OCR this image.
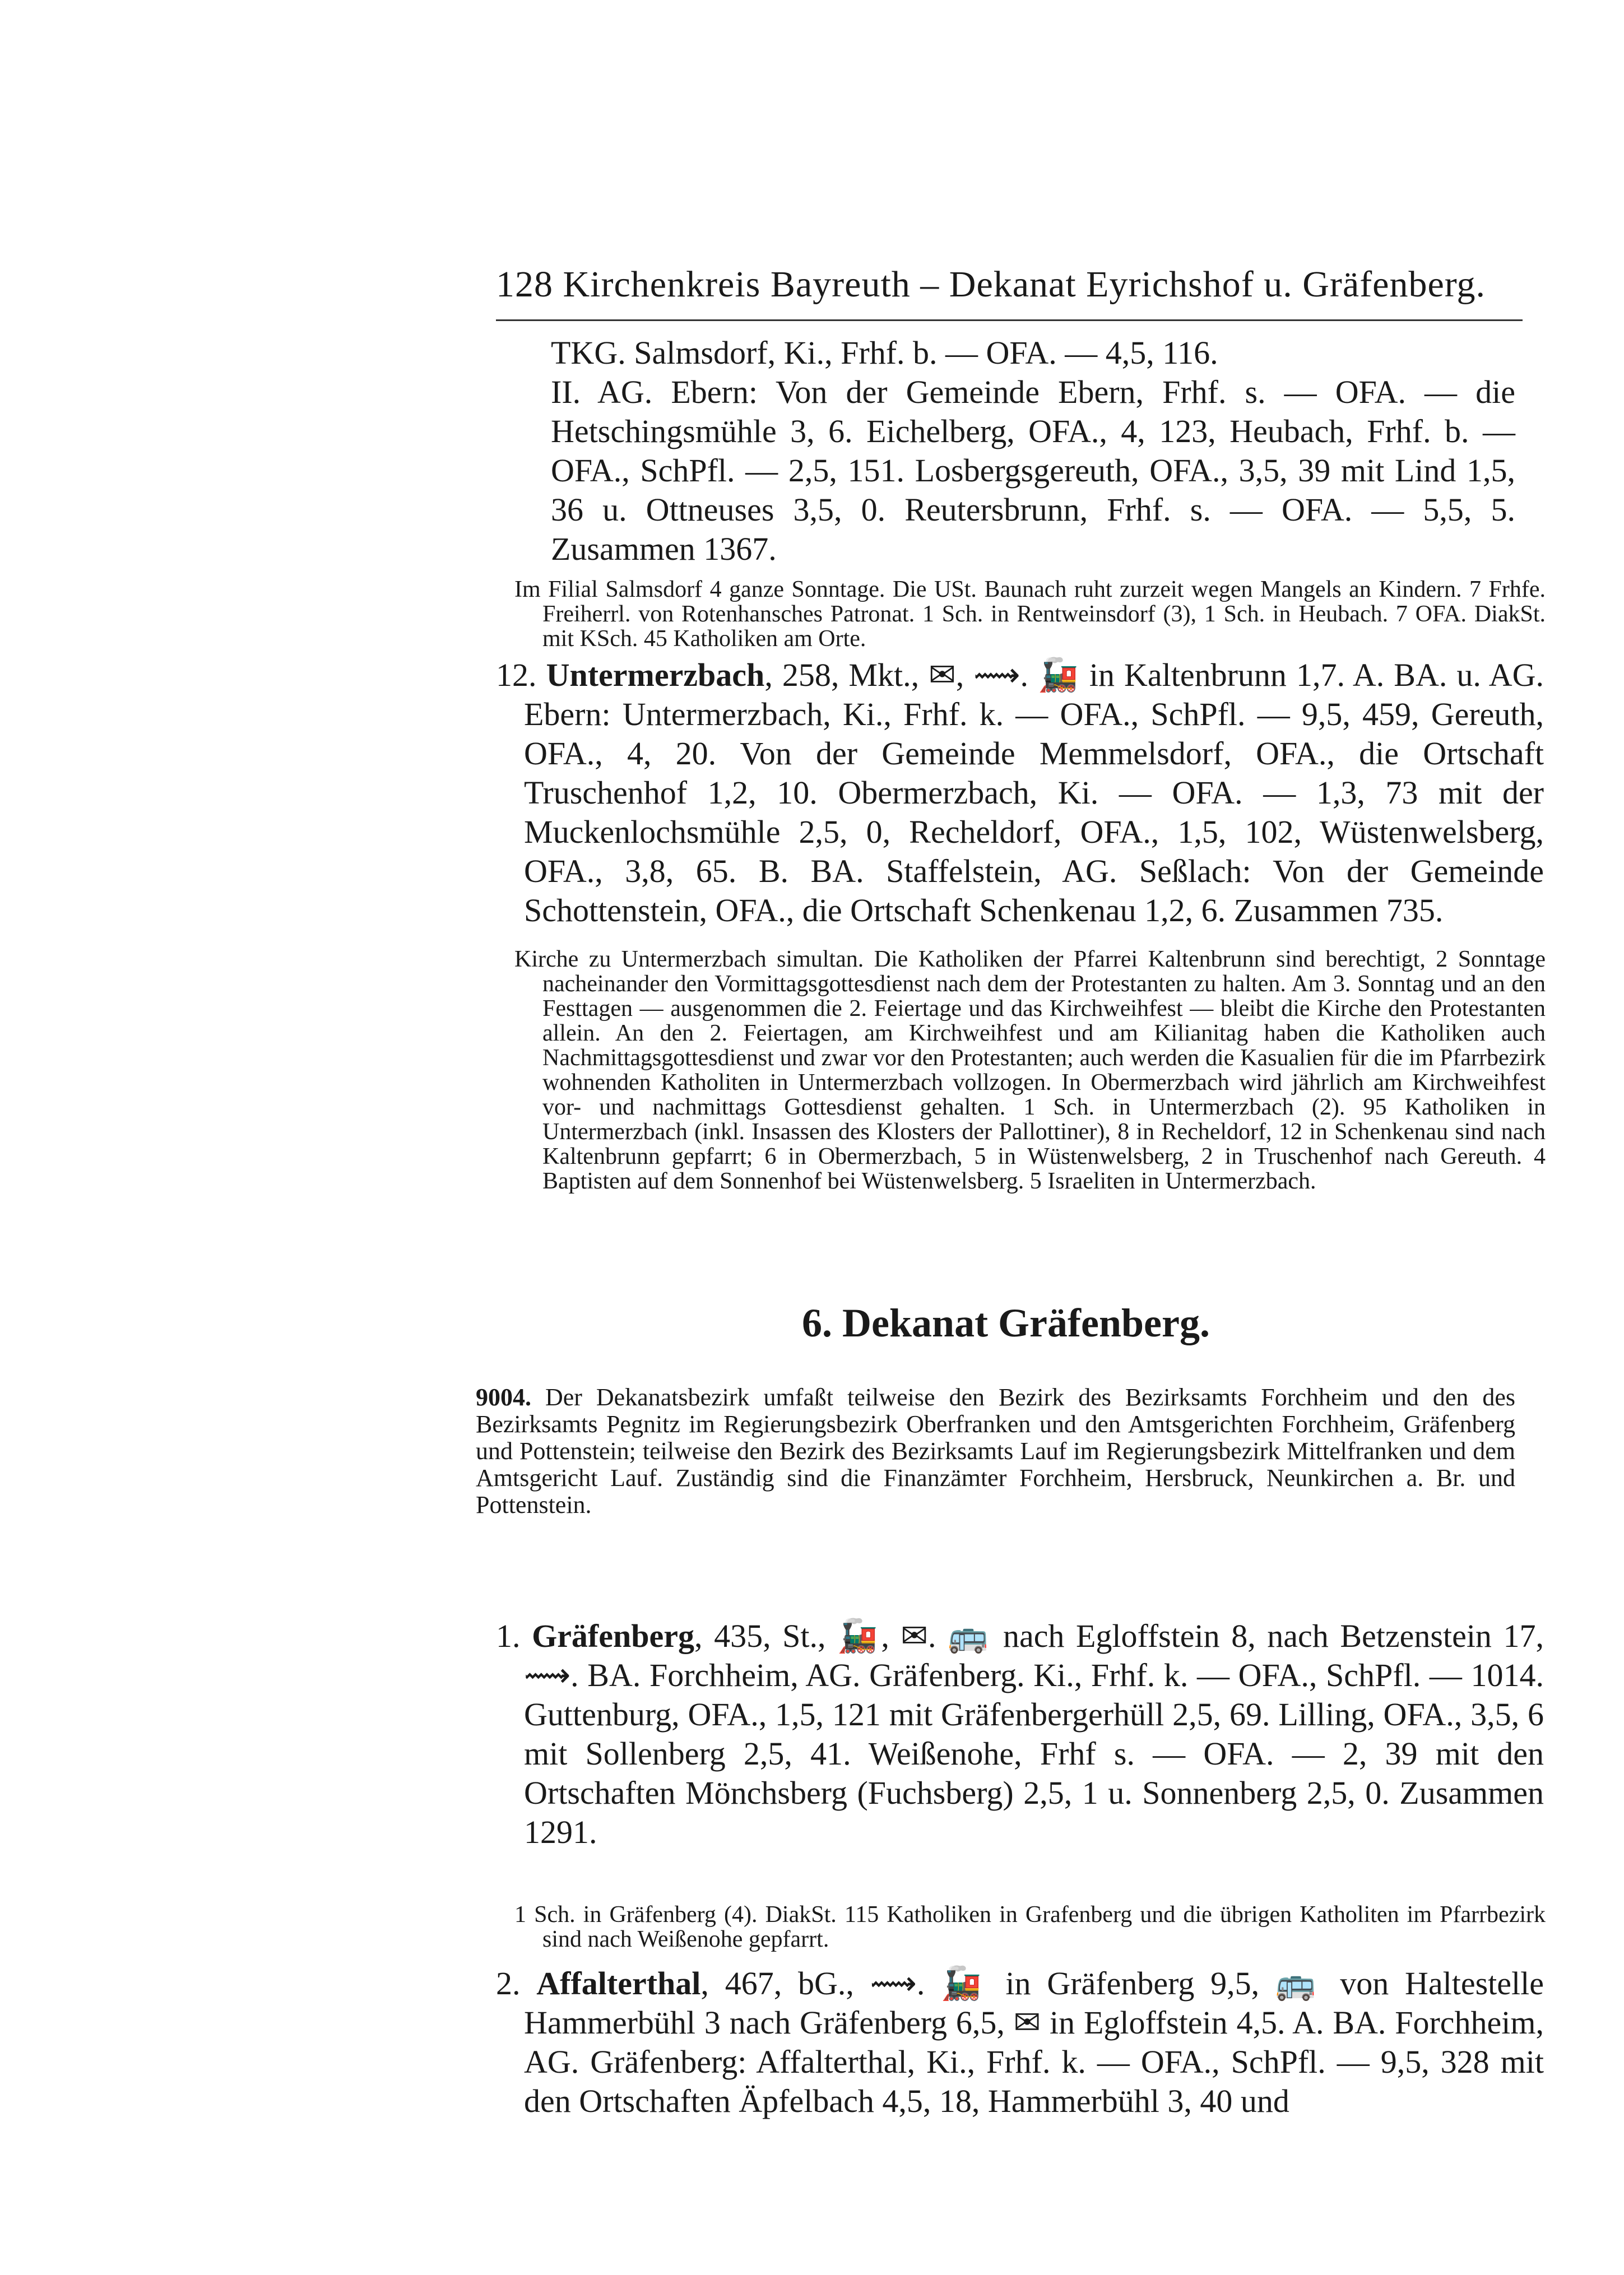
128 Kirchenkreis Bayreuth – Dekanat Eyrichshof u. Gräfenberg.

TKG. Salmsdorf, Ki., Frhf. b. — OFA. — 4,5, 116.

II. AG. Ebern: Von der Gemeinde Ebern, Frhf. s. — OFA. — die Hetschingsmühle 3, 6. Eichelberg, OFA., 4, 123, Heubach, Frhf. b. — OFA., SchPfl. — 2,5, 151. Losbergsgereuth, OFA., 3,5, 39 mit Lind 1,5, 36 u. Ottneuses 3,5, 0. Reutersbrunn, Frhf. s. — OFA. — 5,5, 5. Zusammen 1367.

Im Filial Salmsdorf 4 ganze Sonntage. Die USt. Baunach ruht zurzeit wegen Mangels an Kindern. 7 Frhfe. Freiherrl. von Rotenhansches Patronat. 1 Sch. in Rentweinsdorf (3), 1 Sch. in Heubach. 7 OFA. DiakSt. mit KSch. 45 Katholiken am Orte.

12. Untermerzbach, 258, Mkt., ✉, ⟿. 🚂 in Kaltenbrunn 1,7. A. BA. u. AG. Ebern: Untermerzbach, Ki., Frhf. k. — OFA., SchPfl. — 9,5, 459, Gereuth, OFA., 4, 20. Von der Gemeinde Memmelsdorf, OFA., die Ortschaft Truschenhof 1,2, 10. Obermerzbach, Ki. — OFA. — 1,3, 73 mit der Muckenlochsmühle 2,5, 0, Recheldorf, OFA., 1,5, 102, Wüstenwelsberg, OFA., 3,8, 65. B. BA. Staffelstein, AG. Seßlach: Von der Gemeinde Schottenstein, OFA., die Ortschaft Schenkenau 1,2, 6. Zusammen 735.

Kirche zu Untermerzbach simultan. Die Katholiken der Pfarrei Kaltenbrunn sind berechtigt, 2 Sonntage nacheinander den Vormittagsgottesdienst nach dem der Protestanten zu halten. Am 3. Sonntag und an den Festtagen — ausgenommen die 2. Feiertage und das Kirchweihfest — bleibt die Kirche den Protestanten allein. An den 2. Feiertagen, am Kirchweihfest und am Kilianitag haben die Katholiken auch Nachmittagsgottesdienst und zwar vor den Protestanten; auch werden die Kasualien für die im Pfarrbezirk wohnenden Katholiten in Untermerzbach vollzogen. In Obermerzbach wird jährlich am Kirchweihfest vor- und nachmittags Gottesdienst gehalten. 1 Sch. in Untermerzbach (2). 95 Katholiken in Untermerzbach (inkl. Insassen des Klosters der Pallottiner), 8 in Recheldorf, 12 in Schenkenau sind nach Kaltenbrunn gepfarrt; 6 in Obermerzbach, 5 in Wüstenwelsberg, 2 in Truschenhof nach Gereuth. 4 Baptisten auf dem Sonnenhof bei Wüstenwelsberg. 5 Israeliten in Untermerzbach.

6. Dekanat Gräfenberg.

9004. Der Dekanatsbezirk umfaßt teilweise den Bezirk des Bezirksamts Forchheim und den des Bezirksamts Pegnitz im Regierungsbezirk Oberfranken und den Amtsgerichten Forchheim, Gräfenberg und Pottenstein; teilweise den Bezirk des Bezirksamts Lauf im Regierungsbezirk Mittelfranken und dem Amtsgericht Lauf. Zuständig sind die Finanzämter Forchheim, Hersbruck, Neunkirchen a. Br. und Pottenstein.

1. Gräfenberg, 435, St., 🚂, ✉. 🚌 nach Egloffstein 8, nach Betzenstein 17, ⟿. BA. Forchheim, AG. Gräfenberg. Ki., Frhf. k. — OFA., SchPfl. — 1014. Guttenburg, OFA., 1,5, 121 mit Gräfenbergerhüll 2,5, 69. Lilling, OFA., 3,5, 6 mit Sollenberg 2,5, 41. Weißenohe, Frhf s. — OFA. — 2, 39 mit den Ortschaften Mönchsberg (Fuchsberg) 2,5, 1 u. Sonnenberg 2,5, 0. Zusammen 1291.

1 Sch. in Gräfenberg (4). DiakSt. 115 Katholiken in Grafenberg und die übrigen Katholiten im Pfarrbezirk sind nach Weißenohe gepfarrt.

2. Affalterthal, 467, bG., ⟿. 🚂 in Gräfenberg 9,5, 🚌 von Haltestelle Hammerbühl 3 nach Gräfenberg 6,5, ✉ in Egloffstein 4,5. A. BA. Forchheim, AG. Gräfenberg: Affalterthal, Ki., Frhf. k. — OFA., SchPfl. — 9,5, 328 mit den Ortschaften Äpfelbach 4,5, 18, Hammerbühl 3, 40 und
